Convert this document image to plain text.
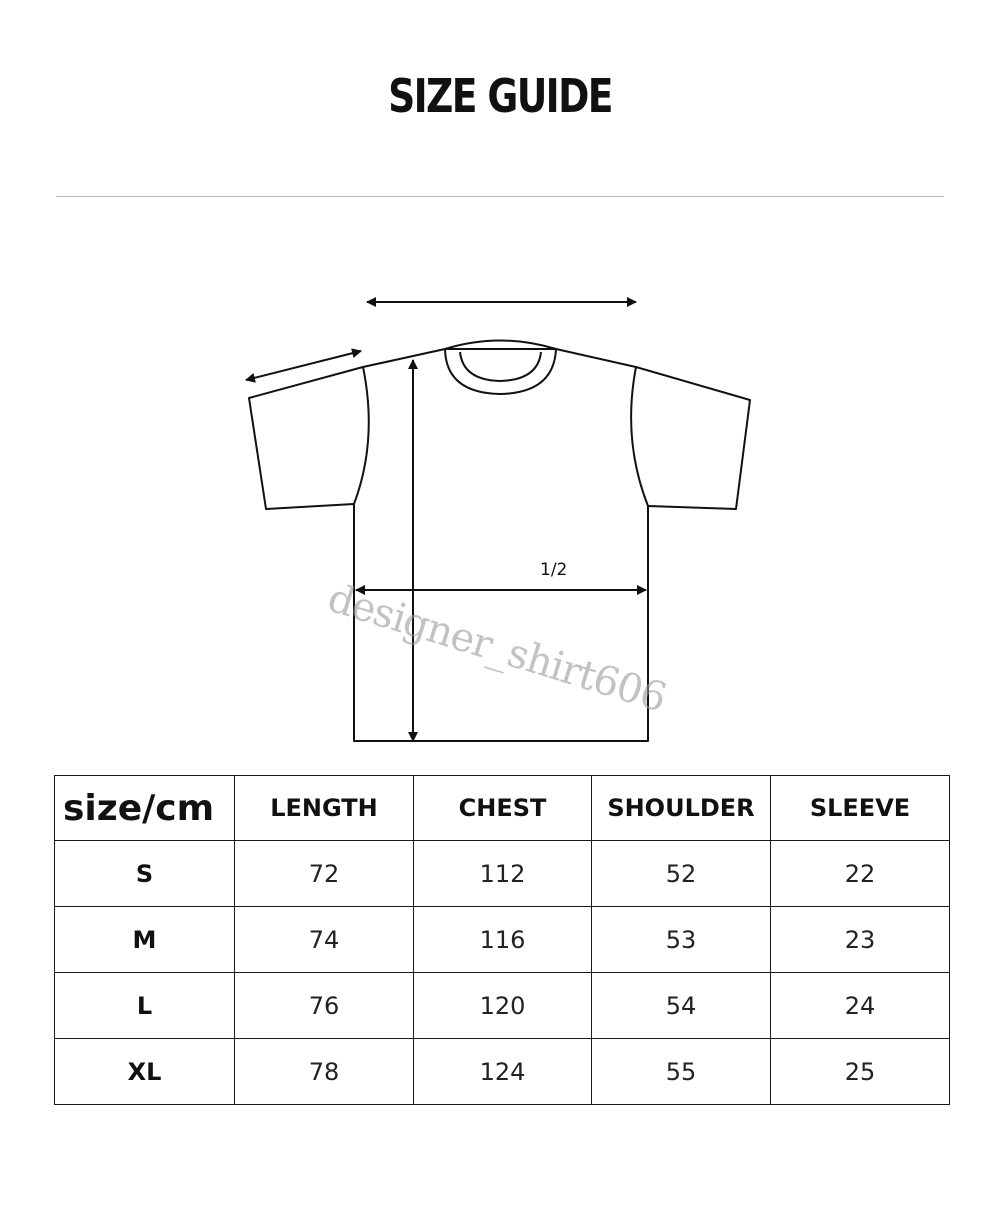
SIZE GUIDE
1/2
designer_shirt606
size/cm	LENGTH	CHEST	SHOULDER	SLEEVE
S	72	112	52	22
M	74	116	53	23
L	76	120	54	24
XL	78	124	55	25
